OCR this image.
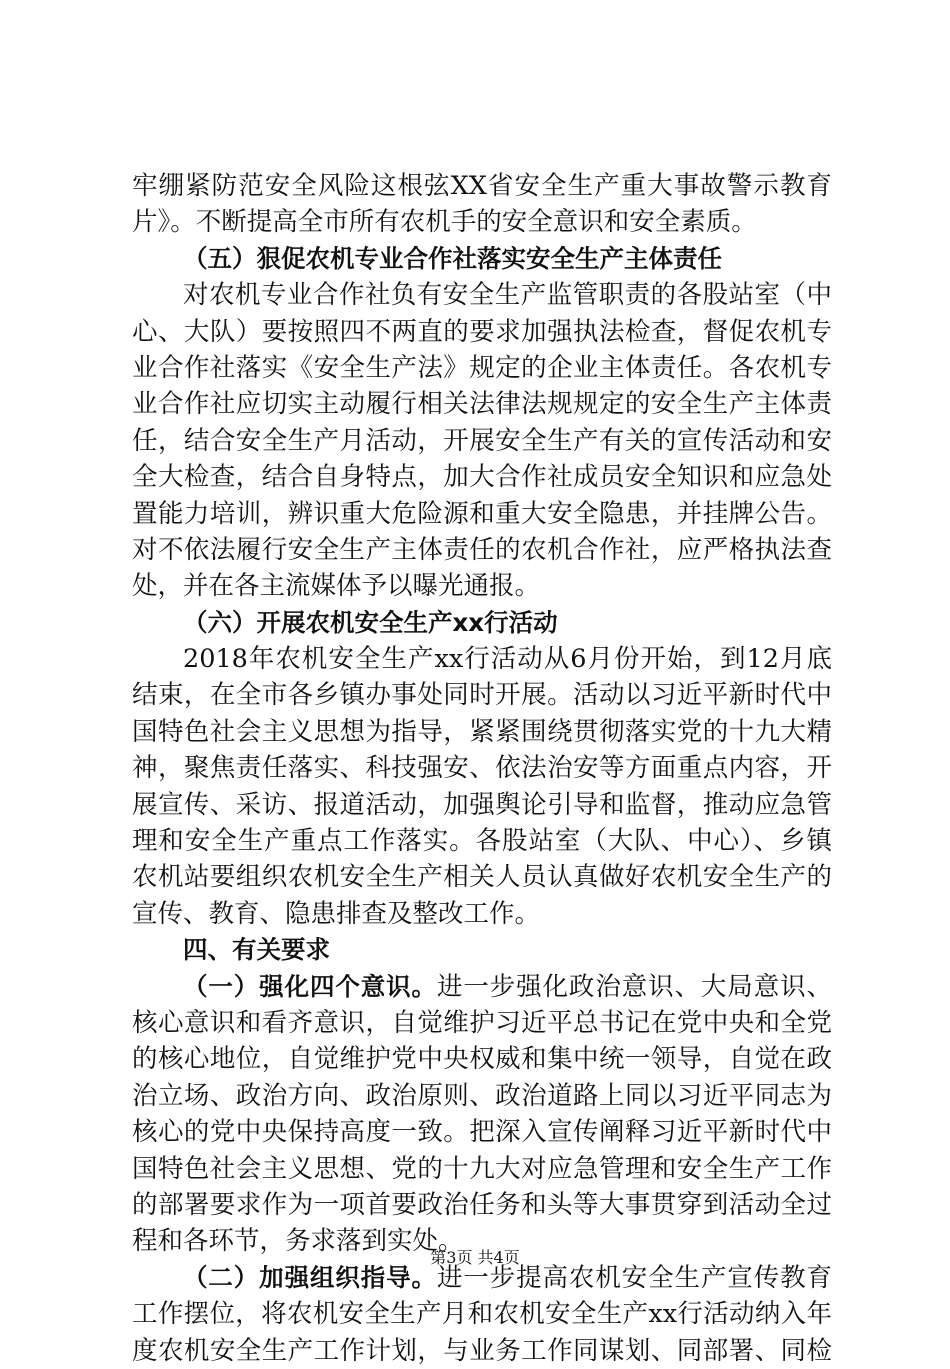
牢绷紧防范安全风险这根弦XX省安全生产重大事故警示教育
片》。不断提高全市所有农机手的安全意识和安全素质。
（五）狠促农机专业合作社落实安全生产主体责任
对农机专业合作社负有安全生产监管职责的各股站室（中
心、大队）要按照四不两直的要求加强执法检查，督促农机专
业合作社落实《安全生产法》规定的企业主体责任。各农机专
业合作社应切实主动履行相关法律法规规定的安全生产主体责
任，结合安全生产月活动，开展安全生产有关的宣传活动和安
全大检查，结合自身特点，加大合作社成员安全知识和应急处
置能力培训，辨识重大危险源和重大安全隐患，并挂牌公告。
对不依法履行安全生产主体责任的农机合作社，应严格执法查
处，并在各主流媒体予以曝光通报。
（六）开展农机安全生产xx行活动
2018年农机安全生产xx行活动从6月份开始，到12月底
结束，在全市各乡镇办事处同时开展。活动以习近平新时代中
国特色社会主义思想为指导，紧紧围绕贯彻落实党的十九大精
神，聚焦责任落实、科技强安、依法治安等方面重点内容，开
展宣传、采访、报道活动，加强舆论引导和监督，推动应急管
理和安全生产重点工作落实。各股站室（大队、中心）、乡镇
农机站要组织农机安全生产相关人员认真做好农机安全生产的
宣传、教育、隐患排查及整改工作。
四、有关要求
（一）强化四个意识。进一步强化政治意识、大局意识、
核心意识和看齐意识，自觉维护习近平总书记在党中央和全党
的核心地位，自觉维护党中央权威和集中统一领导，自觉在政
治立场、政治方向、政治原则、政治道路上同以习近平同志为
核心的党中央保持高度一致。把深入宣传阐释习近平新时代中
国特色社会主义思想、党的十九大对应急管理和安全生产工作
的部署要求作为一项首要政治任务和头等大事贯穿到活动全过
程和各环节，务求落到实处。
（二）加强组织指导。进一步提高农机安全生产宣传教育
工作摆位，将农机安全生产月和农机安全生产xx行活动纳入年
度农机安全生产工作计划，与业务工作同谋划、同部署、同检
第3页 共4页
